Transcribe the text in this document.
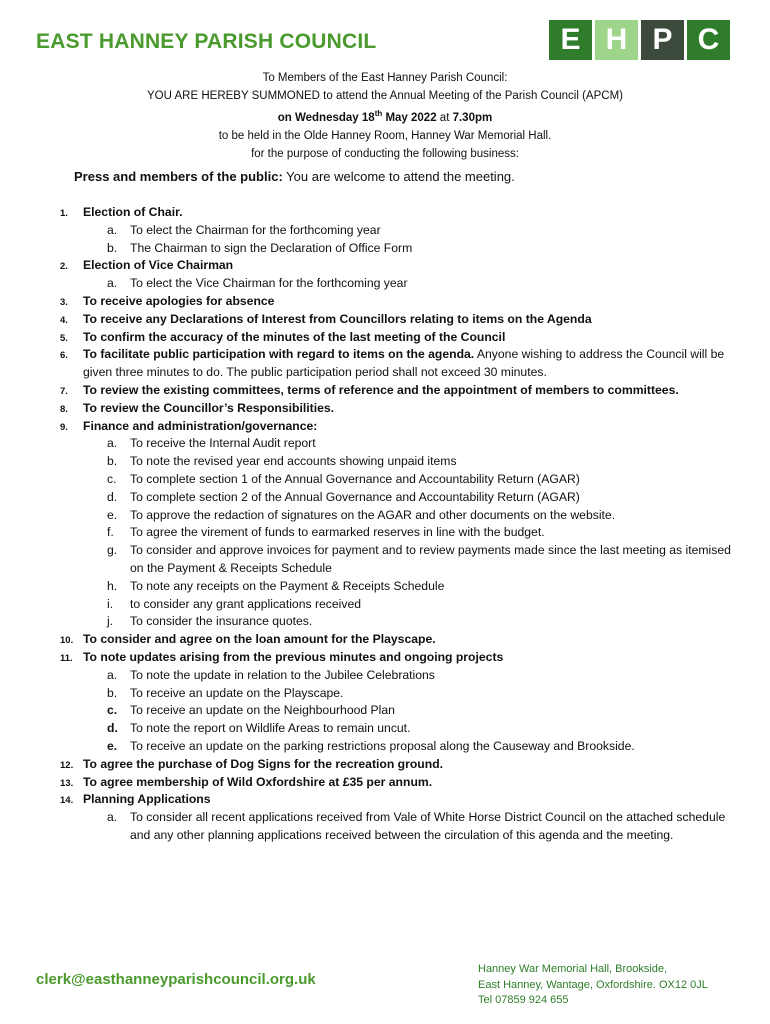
EAST HANNEY PARISH COUNCIL	E H P C
To Members of the East Hanney Parish Council:
YOU ARE HEREBY SUMMONED to attend the Annual Meeting of the Parish Council (APCM)
on Wednesday 18th May 2022 at 7.30pm
to be held in the Olde Hanney Room, Hanney War Memorial Hall.
for the purpose of conducting the following business:
Press and members of the public: You are welcome to attend the meeting.
1. Election of Chair.
a. To elect the Chairman for the forthcoming year
b. The Chairman to sign the Declaration of Office Form
2. Election of Vice Chairman
a. To elect the Vice Chairman for the forthcoming year
3. To receive apologies for absence
4. To receive any Declarations of Interest from Councillors relating to items on the Agenda
5. To confirm the accuracy of the minutes of the last meeting of the Council
6. To facilitate public participation with regard to items on the agenda. Anyone wishing to address the Council will be given three minutes to do. The public participation period shall not exceed 30 minutes.
7. To review the existing committees, terms of reference and the appointment of members to committees.
8. To review the Councillor’s Responsibilities.
9. Finance and administration/governance:
a. To receive the Internal Audit report
b. To note the revised year end accounts showing unpaid items
c. To complete section 1 of the Annual Governance and Accountability Return (AGAR)
d. To complete section 2 of the Annual Governance and Accountability Return (AGAR)
e. To approve the redaction of signatures on the AGAR and other documents on the website.
f. To agree the virement of funds to earmarked reserves in line with the budget.
g. To consider and approve invoices for payment and to review payments made since the last meeting as itemised on the Payment & Receipts Schedule
h. To note any receipts on the Payment & Receipts Schedule
i. to consider any grant applications received
j. To consider the insurance quotes.
10. To consider and agree on the loan amount for the Playscape.
11. To note updates arising from the previous minutes and ongoing projects
a. To note the update in relation to the Jubilee Celebrations
b. To receive an update on the Playscape.
c. To receive an update on the Neighbourhood Plan
d. To note the report on Wildlife Areas to remain uncut.
e. To receive an update on the parking restrictions proposal along the Causeway and Brookside.
12. To agree the purchase of Dog Signs for the recreation ground.
13. To agree membership of Wild Oxfordshire at £35 per annum.
14. Planning Applications
a. To consider all recent applications received from Vale of White Horse District Council on the attached schedule and any other planning applications received between the circulation of this agenda and the meeting.
clerk@easthanneyparishcouncil.org.uk
Hanney War Memorial Hall, Brookside,
East Hanney, Wantage, Oxfordshire. OX12 0JL
Tel 07859 924 655
